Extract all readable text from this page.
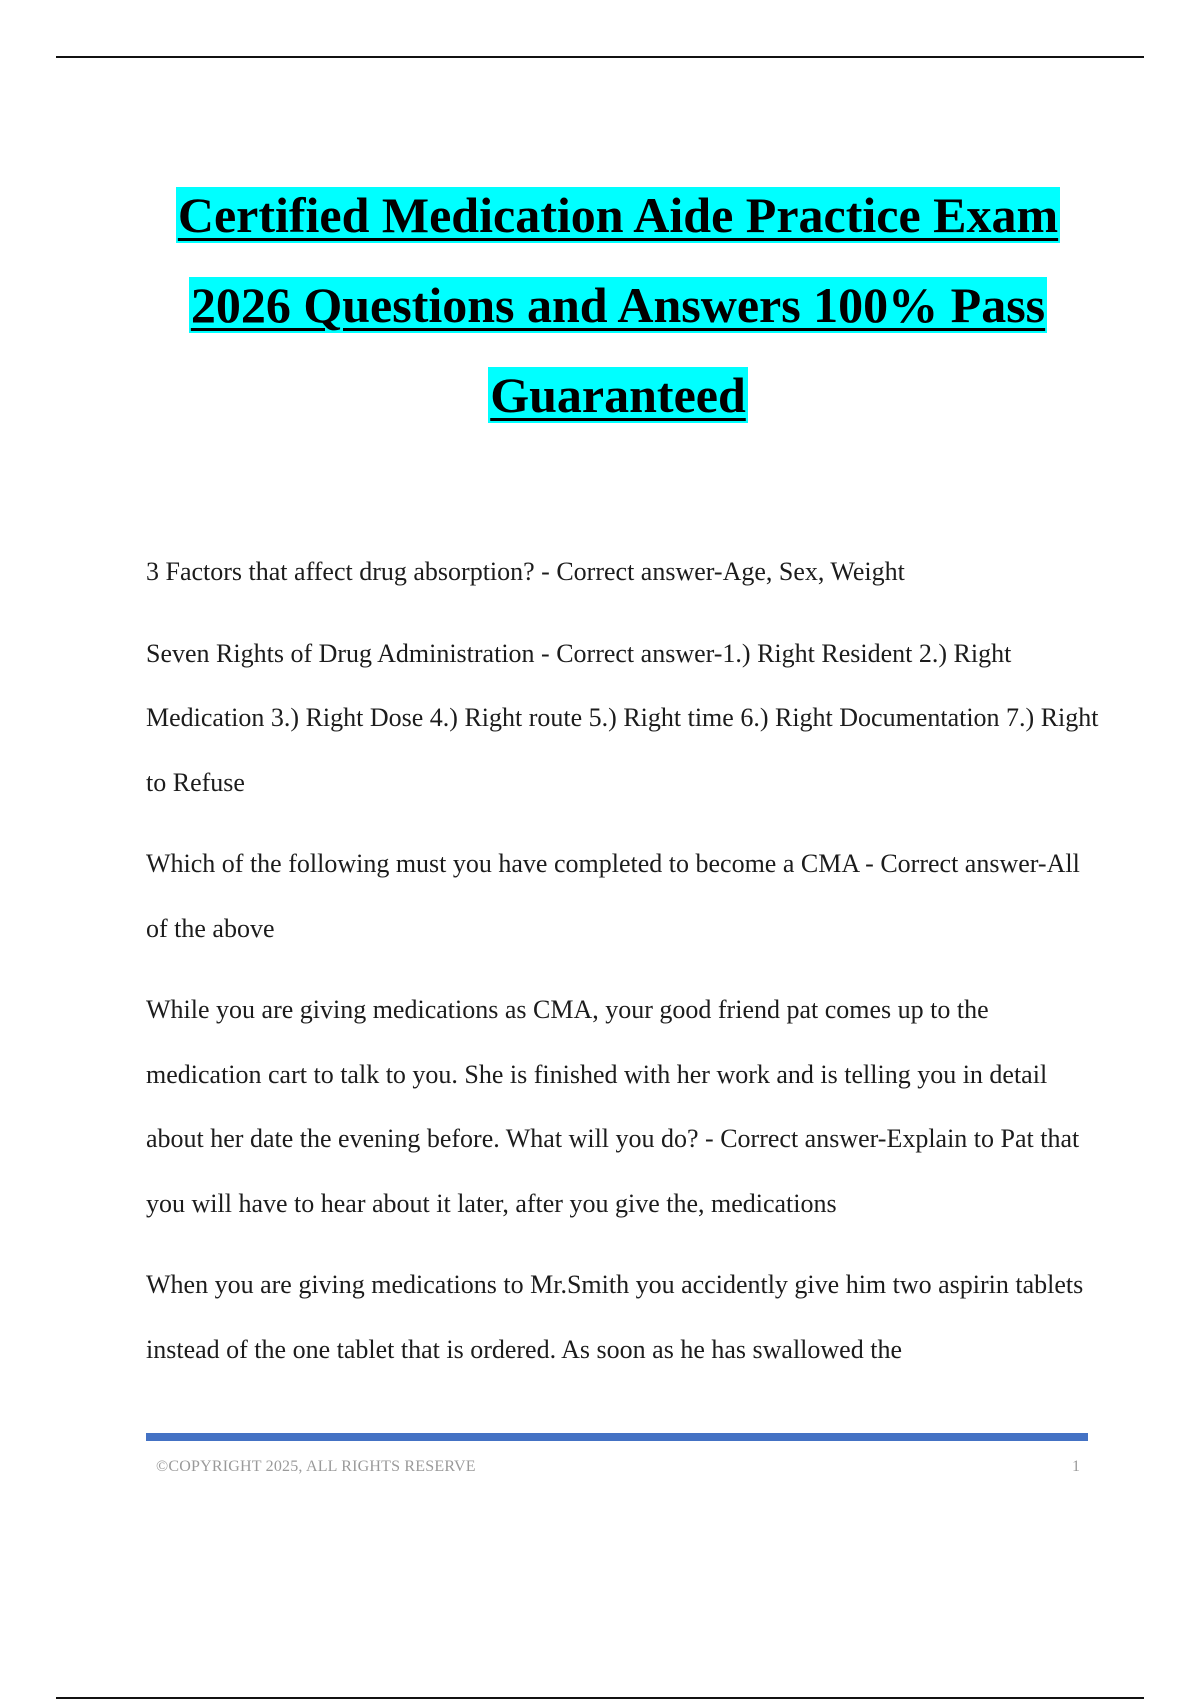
Certified Medication Aide Practice Exam
2026 Questions and Answers 100% Pass
Guaranteed

3 Factors that affect drug absorption? - Correct answer-Age, Sex, Weight

Seven Rights of Drug Administration - Correct answer-1.) Right Resident 2.) Right Medication 3.) Right Dose 4.) Right route 5.) Right time 6.) Right Documentation 7.) Right to Refuse

Which of the following must you have completed to become a CMA - Correct answer-All of the above

While you are giving medications as CMA, your good friend pat comes up to the medication cart to talk to you. She is finished with her work and is telling you in detail about her date the evening before. What will you do? - Correct answer-Explain to Pat that you will have to hear about it later, after you give the, medications

When you are giving medications to Mr.Smith you accidently give him two aspirin tablets instead of the one tablet that is ordered. As soon as he has swallowed the

©COPYRIGHT 2025, ALL RIGHTS RESERVE	1
